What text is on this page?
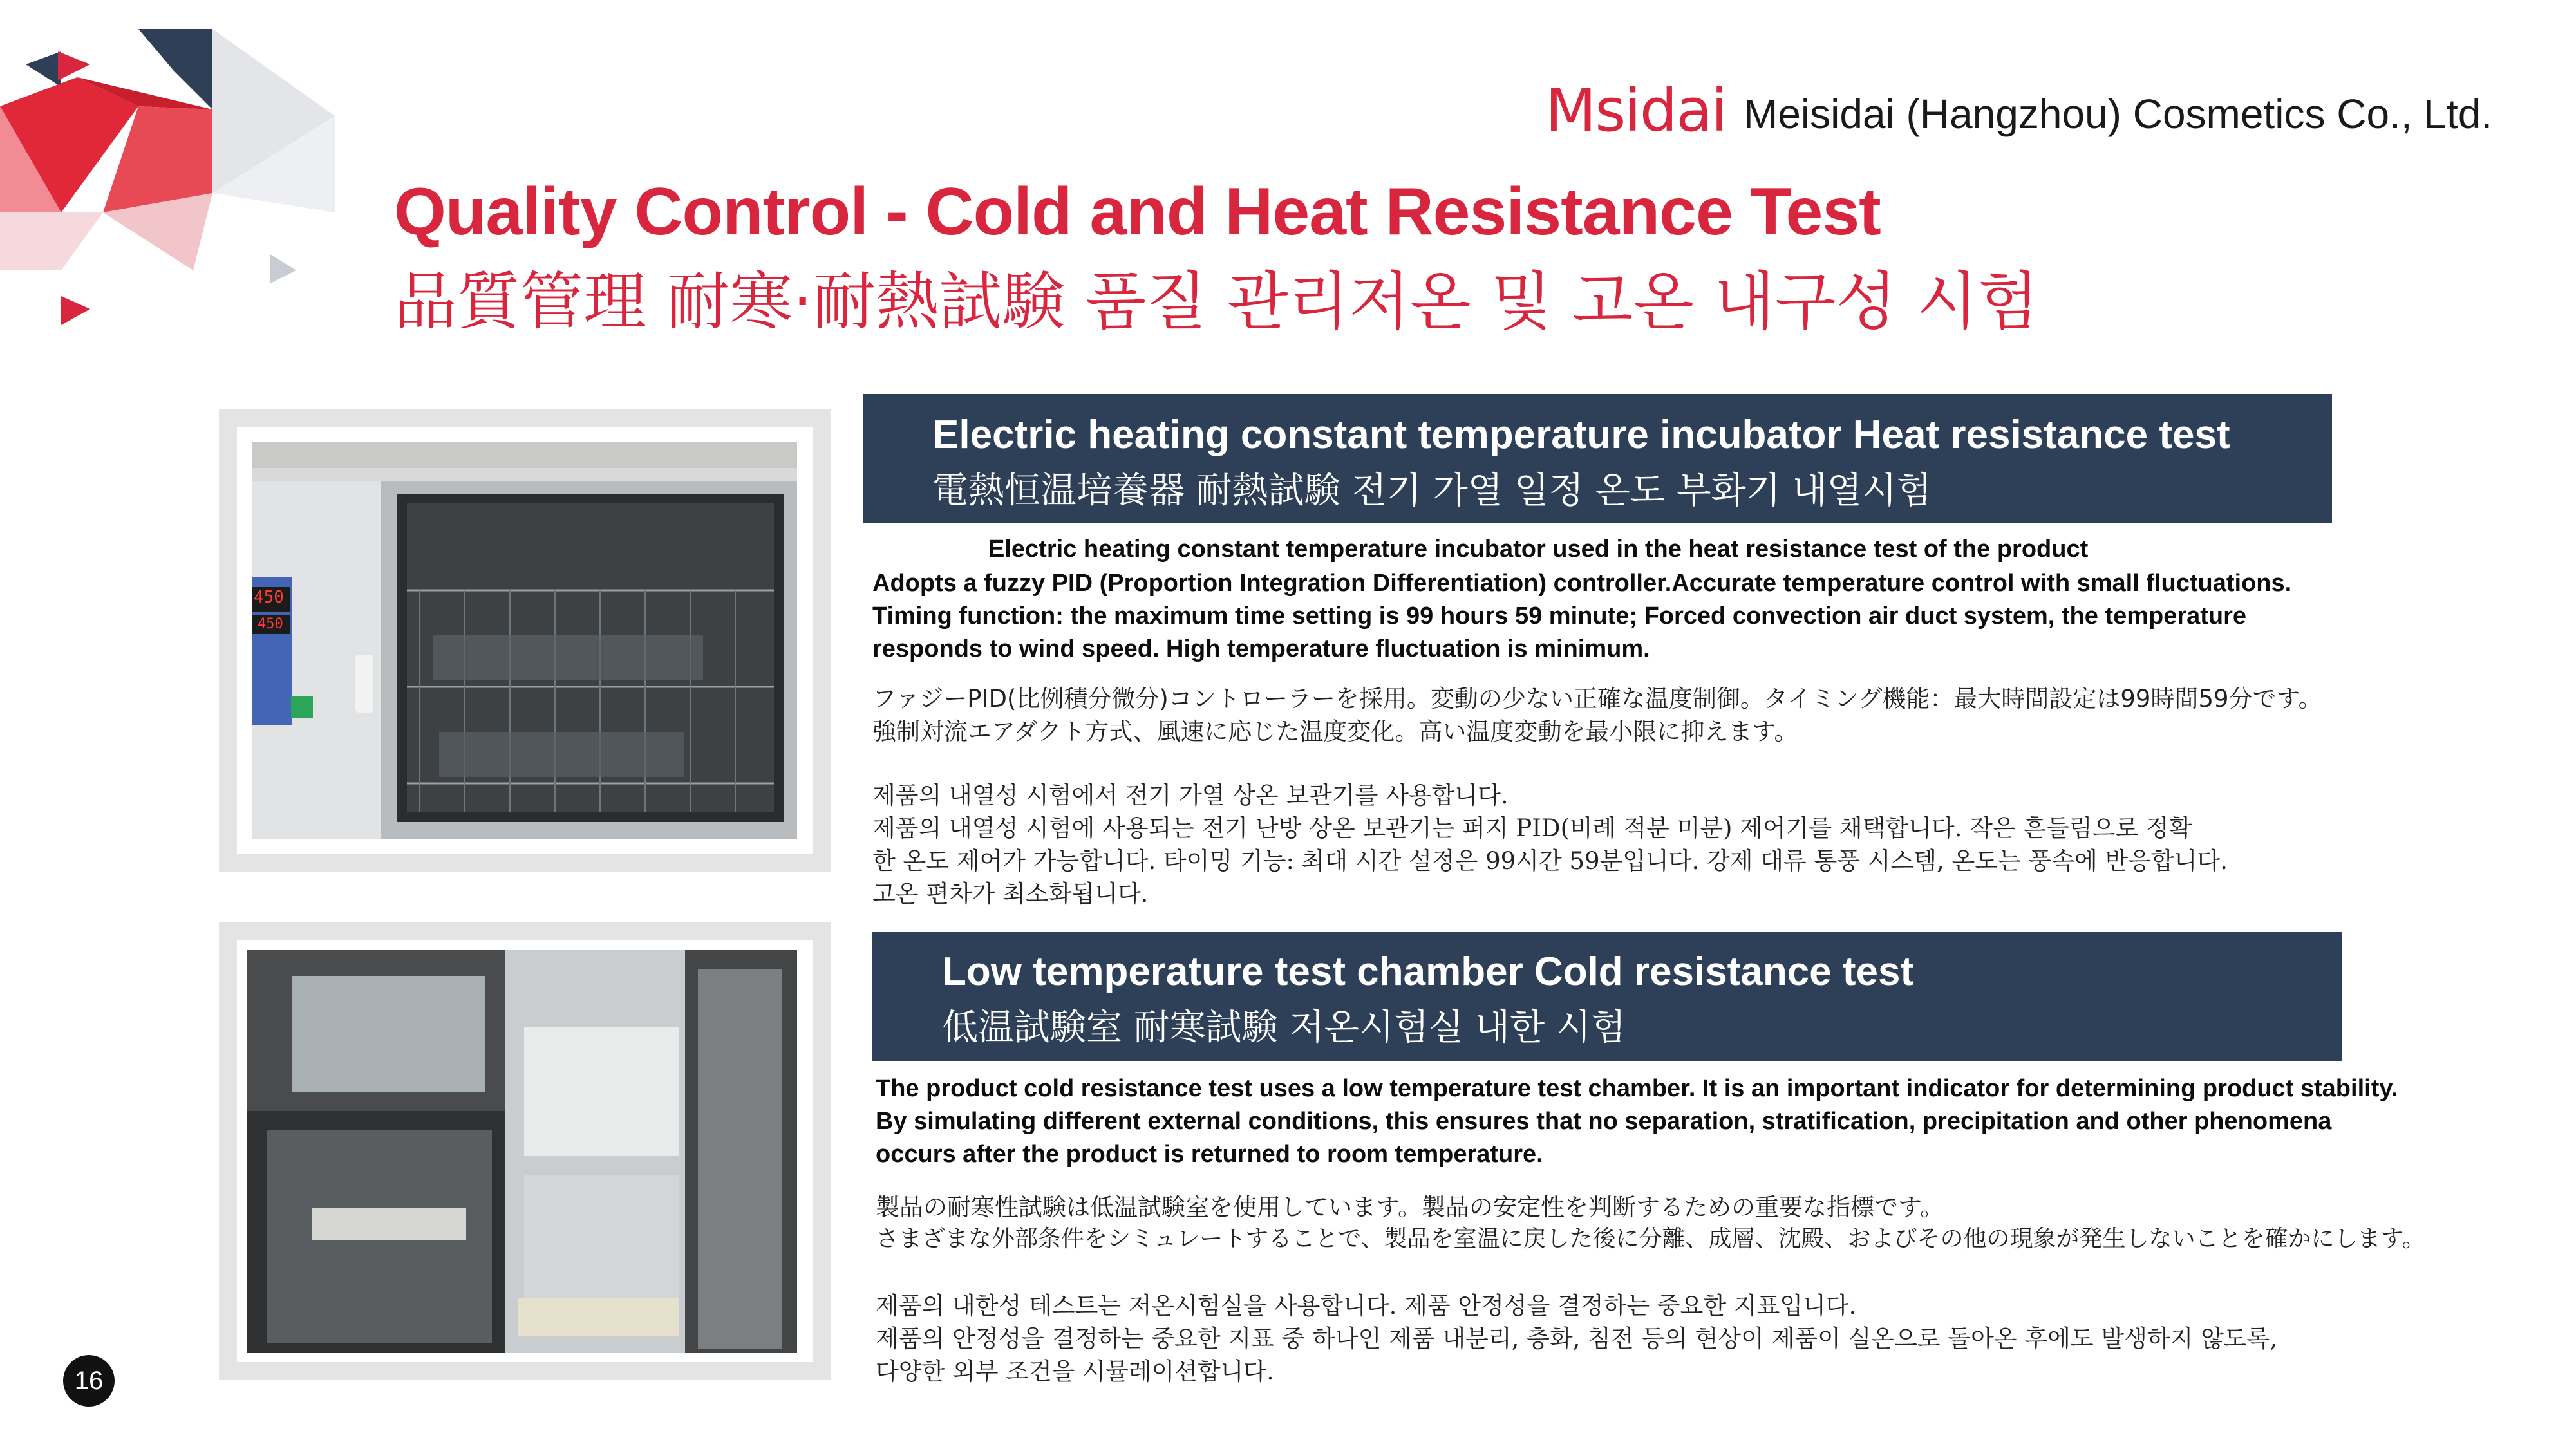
Msidai Meisidai (Hangzhou) Cosmetics Co., Ltd.
Quality Control - Cold and Heat Resistance Test
品質管理 耐寒·耐熱試験 품질 관리저온 및 고온 내구성 시험
450
450
Electric heating constant temperature incubator Heat resistance test
電熱恒温培養器 耐熱試験 전기 가열 일정 온도 부화기 내열시험
Electric heating constant temperature incubator used in the heat resistance test of the product
Adopts a fuzzy PID (Proportion Integration Differentiation) controller.Accurate temperature control with small fluctuations.
Timing function: the maximum time setting is 99 hours 59 minute; Forced convection air duct system, the temperature
responds to wind speed. High temperature fluctuation is minimum.
ファジーPID(比例積分微分)コントローラーを採用。変動の少ない正確な温度制御。タイミング機能：最大時間設定は99時間59分です。
強制対流エアダクト方式、風速に応じた温度変化。高い温度変動を最小限に抑えます。
제품의 내열성 시험에서 전기 가열 상온 보관기를 사용합니다.
제품의 내열성 시험에 사용되는 전기 난방 상온 보관기는 퍼지 PID(비례 적분 미분) 제어기를 채택합니다. 작은 흔들림으로 정확
한 온도 제어가 가능합니다. 타이밍 기능: 최대 시간 설정은 99시간 59분입니다. 강제 대류 통풍 시스템, 온도는 풍속에 반응합니다.
고온 편차가 최소화됩니다.
Low temperature test chamber Cold resistance test
低温試験室 耐寒試験 저온시험실 내한 시험
The product cold resistance test uses a low temperature test chamber. It is an important indicator for determining product stability.
By simulating different external conditions, this ensures that no separation, stratification, precipitation and other phenomena
occurs after the product is returned to room temperature.
製品の耐寒性試験は低温試験室を使用しています。製品の安定性を判断するための重要な指標です。
さまざまな外部条件をシミュレートすることで、製品を室温に戻した後に分離、成層、沈殿、およびその他の現象が発生しないことを確かにします。
제품의 내한성 테스트는 저온시험실을 사용합니다. 제품 안정성을 결정하는 중요한 지표입니다.
제품의 안정성을 결정하는 중요한 지표 중 하나인 제품 내분리, 층화, 침전 등의 현상이 제품이 실온으로 돌아온 후에도 발생하지 않도록,
다양한 외부 조건을 시뮬레이션합니다.
16
